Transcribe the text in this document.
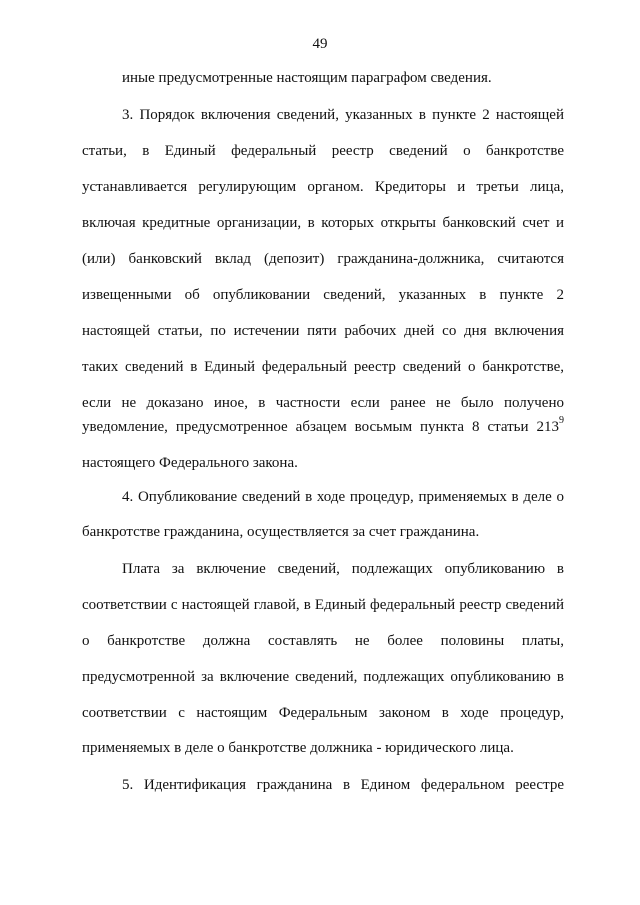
49
иные предусмотренные настоящим параграфом сведения.
3. Порядок включения сведений, указанных в пункте 2 настоящей
статьи, в Единый федеральный реестр сведений о банкротстве
устанавливается регулирующим органом. Кредиторы и третьи лица,
включая кредитные организации, в которых открыты банковский счет и
(или) банковский вклад (депозит) гражданина-должника, считаются
извещенными об опубликовании сведений, указанных в пункте 2
настоящей статьи, по истечении пяти рабочих дней со дня включения
таких сведений в Единый федеральный реестр сведений о банкротстве,
если не доказано иное, в частности если ранее не было получено
уведомление, предусмотренное абзацем восьмым пункта 8 статьи $213^9$
настоящего Федерального закона.
4. Опубликование сведений в ходе процедур, применяемых в деле о
банкротстве гражданина, осуществляется за счет гражданина.
Плата за включение сведений, подлежащих опубликованию в
соответствии с настоящей главой, в Единый федеральный реестр сведений
о банкротстве должна составлять не более половины платы,
предусмотренной за включение сведений, подлежащих опубликованию в
соответствии с настоящим Федеральным законом в ходе процедур,
применяемых в деле о банкротстве должника - юридического лица.
5. Идентификация гражданина в Едином федеральном реестре
